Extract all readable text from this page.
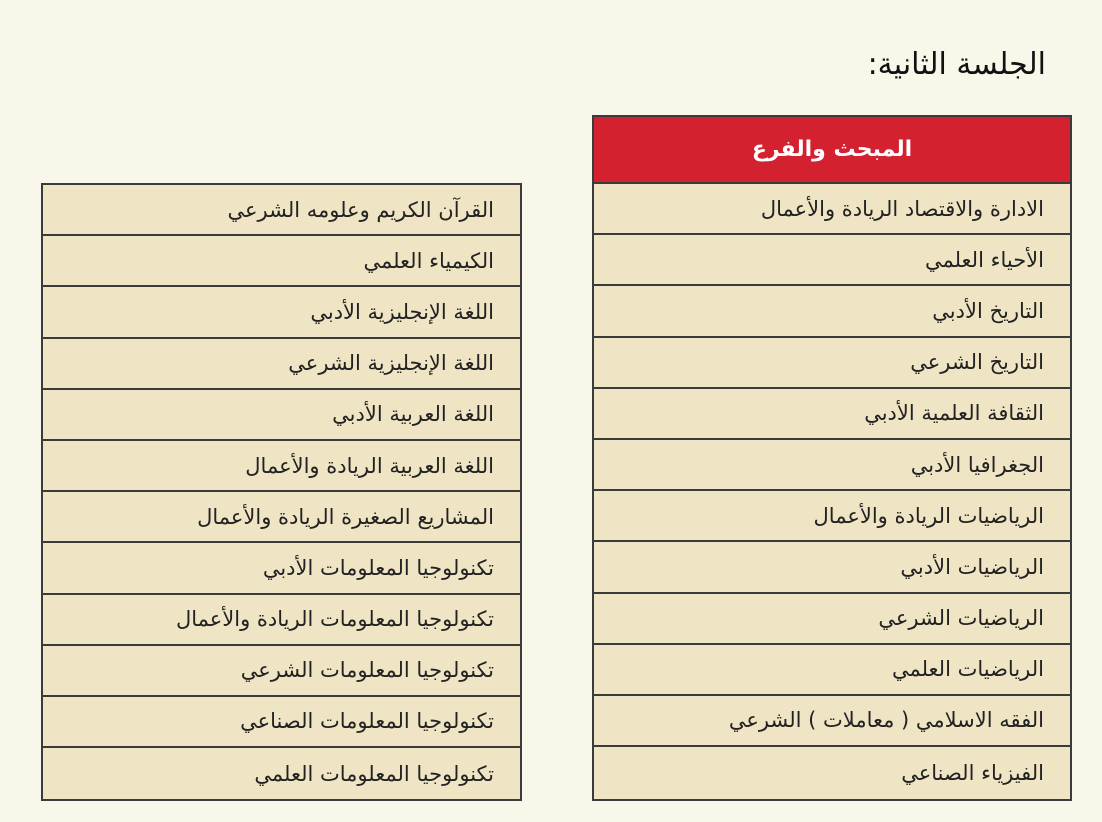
الجلسة الثانية:
المبحث والفرع
الادارة والاقتصاد الريادة والأعمال
الأحياء العلمي
التاريخ الأدبي
التاريخ الشرعي
الثقافة العلمية الأدبي
الجغرافيا الأدبي
الرياضيات الريادة والأعمال
الرياضيات الأدبي
الرياضيات الشرعي
الرياضيات العلمي
الفقه الاسلامي ( معاملات ) الشرعي
الفيزياء الصناعي
القرآن الكريم وعلومه الشرعي
الكيمياء العلمي
اللغة الإنجليزية الأدبي
اللغة الإنجليزية الشرعي
اللغة العربية الأدبي
اللغة العربية الريادة والأعمال
المشاريع الصغيرة الريادة والأعمال
تكنولوجيا المعلومات الأدبي
تكنولوجيا المعلومات الريادة والأعمال
تكنولوجيا المعلومات الشرعي
تكنولوجيا المعلومات الصناعي
تكنولوجيا المعلومات العلمي
